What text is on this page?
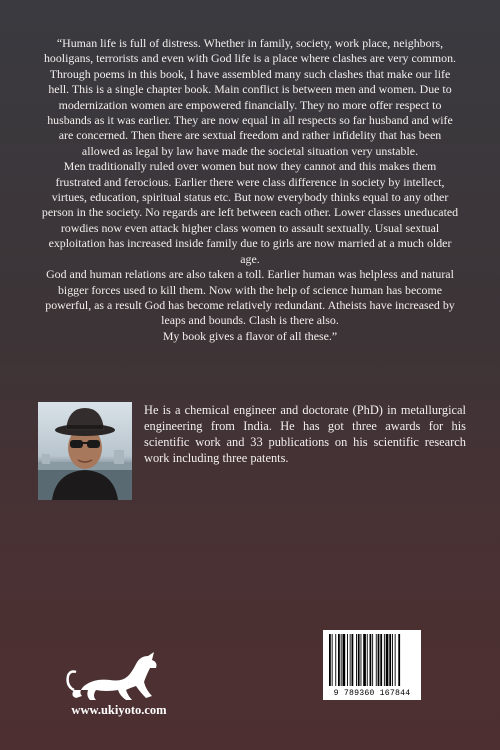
“Human life is full of distress. Whether in family, society, work place, neighbors, hooligans, terrorists and even with God life is a place where clashes are very common. Through poems in this book, I have assembled many such clashes that make our life hell. This is a single chapter book. Main conflict is between men and women. Due to modernization women are empowered financially. They no more offer respect to husbands as it was earlier. They are now equal in all respects so far husband and wife are concerned. Then there are sextual freedom and rather infidelity that has been allowed as legal by law have made the societal situation very unstable.

Men traditionally ruled over women but now they cannot and this makes them frustrated and ferocious. Earlier there were class difference in society by intellect, virtues, education, spiritual status etc. But now everybody thinks equal to any other person in the society. No regards are left between each other. Lower classes uneducated rowdies now even attack higher class women to assault sextually. Usual sextual exploitation has increased inside family due to girls are now married at a much older age.

God and human relations are also taken a toll. Earlier human was helpless and natural bigger forces used to kill them. Now with the help of science human has become powerful, as a result God has become relatively redundant. Atheists have increased by leaps and bounds. Clash is there also.

My book gives a flavor of all these.”

He is a chemical engineer and doctorate (PhD) in metallurgical engineering from India. He has got three awards for his scientific work and 33 publications on his scientific research work including three patents.
www.ukiyoto.com
9 789360 167844
